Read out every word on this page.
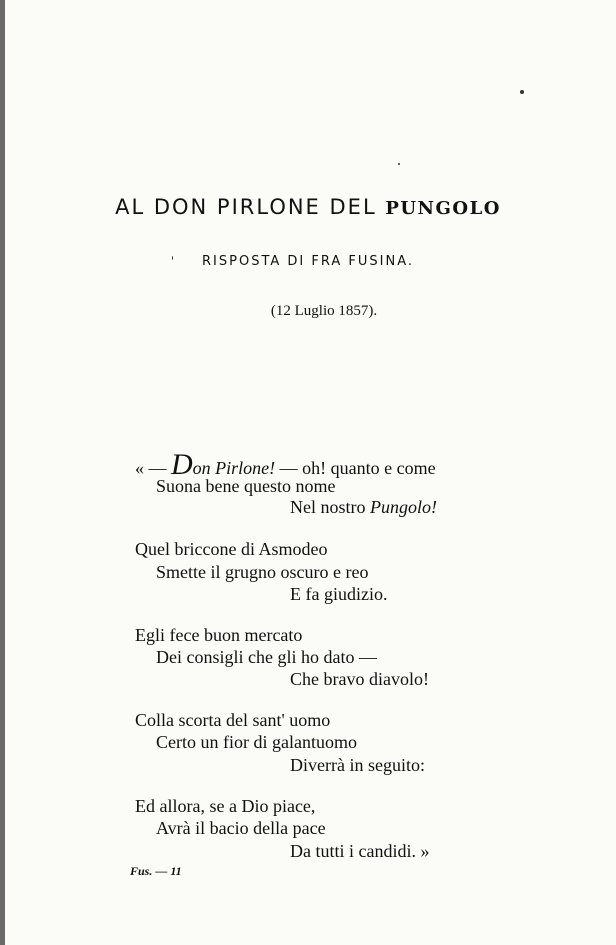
AL DON PIRLONE DEL PUNGOLO
RISPOSTA DI FRA FUSINA.
(12 Luglio 1857).
« — Don Pirlone! — oh! quanto e come
Suona bene questo nome
Nel nostro Pungolo!
Quel briccone di Asmodeo
Smette il grugno oscuro e reo
E fa giudizio.
Egli fece buon mercato
Dei consigli che gli ho dato —
Che bravo diavolo!
Colla scorta del sant' uomo
Certo un fior di galantuomo
Diverrà in seguito:
Ed allora, se a Dio piace,
Avrà il bacio della pace
Da tutti i candidi. »
Fus. — 11
